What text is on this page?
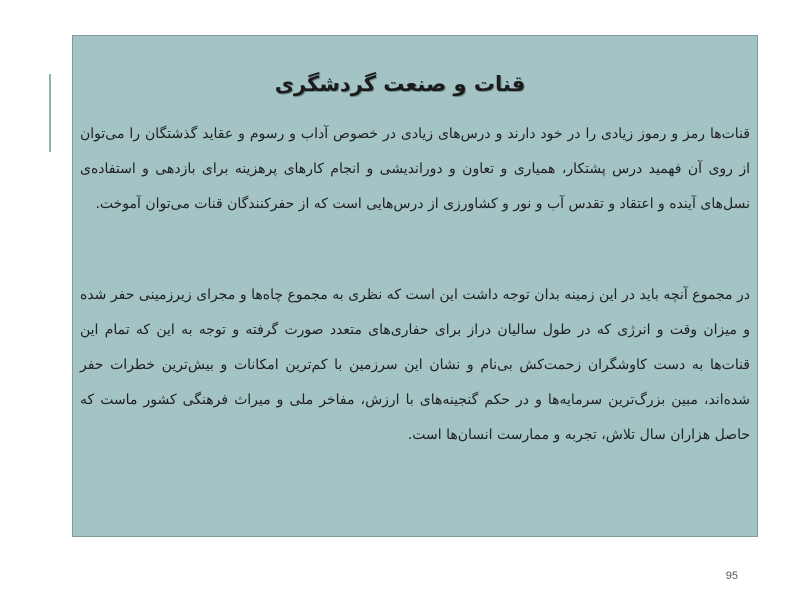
قنات و صنعت گردشگری

قنات‌ها رمز و رموز زیادی را در خود دارند و درس‌های زیادی در خصوص آداب و رسوم و عقاید گذشتگان را می‌توان از روی آن فهمید درس پشتکار، همیاری و تعاون و دوراندیشی و انجام کارهای پرهزینه برای بازدهی و استفاده‌ی نسل‌های آینده و اعتقاد و تقدس آب و نور و کشاورزی از درس‌هایی است که از حفرکنندگان قنات می‌توان آموخت.

در مجموع آنچه باید در این زمینه بدان توجه داشت این است که نظری به مجموع چاه‌ها و مجرای زیرزمینی حفر شده و میزان وقت و انرژی که در طول سالیان دراز برای حفاری‌های متعدد صورت گرفته و توجه به این که تمام این قنات‌ها به دست کاوشگران زحمت‌کش بی‌نام و نشان این سرزمین با کم‌ترین امکانات و بیش‌ترین خطرات حفر شده‌اند، مبین بزرگ‌ترین سرمایه‌ها و در حکم گنجینه‌های با ارزش، مفاخر ملی و میراث فرهنگی کشور ماست که حاصل هزاران سال تلاش، تجربه و ممارست انسان‌ها است.

95
